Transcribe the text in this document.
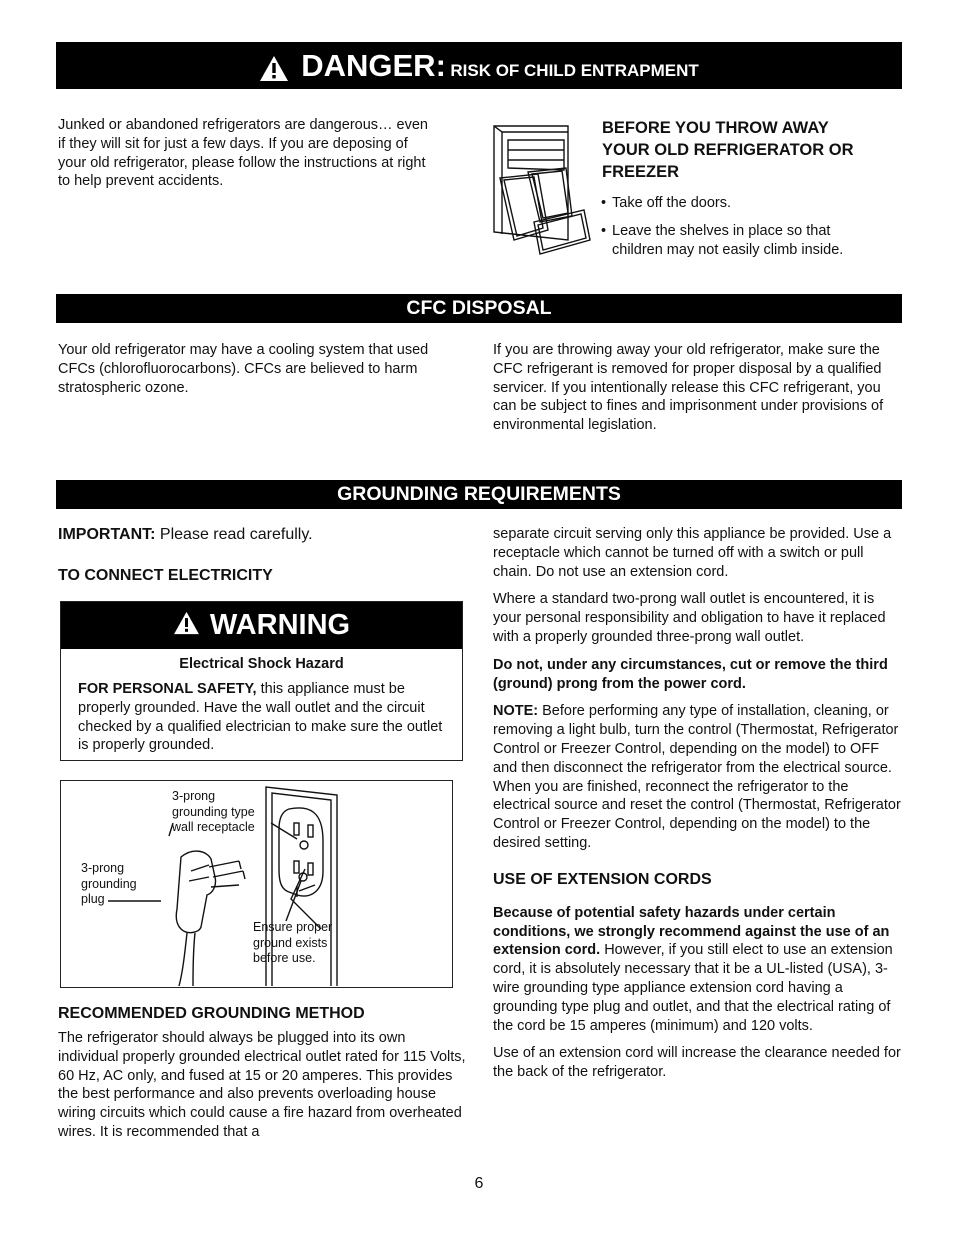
DANGER: RISK OF CHILD ENTRAPMENT
Junked or abandoned refrigerators are dangerous… even if they will sit for just a few days. If you are deposing of your old refrigerator, please follow the instructions at right to help prevent accidents.
BEFORE YOU THROW AWAY YOUR OLD REFRIGERATOR OR FREEZER
• Take off the doors.
• Leave the shelves in place so that children may not easily climb inside.
CFC DISPOSAL
Your old refrigerator may have a cooling system that used CFCs (chlorofluorocarbons). CFCs are believed to harm stratospheric ozone.
If you are throwing away your old refrigerator, make sure the CFC refrigerant is removed for proper disposal by a qualified servicer. If you intentionally release this CFC refrigerant, you can be subject to fines and imprisonment under provisions of environmental legislation.
GROUNDING REQUIREMENTS
IMPORTANT: Please read carefully.
TO CONNECT ELECTRICITY
WARNING
Electrical Shock Hazard
FOR PERSONAL SAFETY, this appliance must be properly grounded. Have the wall outlet and the circuit checked by a qualified electrician to make sure the outlet is properly grounded.
3-prong
grounding type
wall receptacle
3-prong
grounding
plug
Ensure proper
ground exists
before use.
RECOMMENDED GROUNDING METHOD
The refrigerator should always be plugged into its own individual properly grounded electrical outlet rated for 115 Volts, 60 Hz, AC only, and fused at 15 or 20 amperes. This provides the best performance and also prevents overloading house wiring circuits which could cause a fire hazard from overheated wires. It is recommended that a

separate circuit serving only this appliance be provided. Use a receptacle which cannot be turned off with a switch or pull chain. Do not use an extension cord.

Where a standard two-prong wall outlet is encountered, it is your personal responsibility and obligation to have it replaced with a properly grounded three-prong wall outlet.

Do not, under any circumstances, cut or remove the third (ground) prong from the power cord.

NOTE: Before performing any type of installation, cleaning, or removing a light bulb, turn the control (Thermostat, Refrigerator Control or Freezer Control, depending on the model) to OFF and then disconnect the refrigerator from the electrical source. When you are finished, reconnect the refrigerator to the electrical source and reset the control (Thermostat, Refrigerator Control or Freezer Control, depending on the model) to the desired setting.

USE OF EXTENSION CORDS

Because of potential safety hazards under certain conditions, we strongly recommend against the use of an extension cord. However, if you still elect to use an extension cord, it is absolutely necessary that it be a UL-listed (USA), 3-wire grounding type appliance extension cord having a grounding type plug and outlet, and that the electrical rating of the cord be 15 amperes (minimum) and 120 volts.

Use of an extension cord will increase the clearance needed for the back of the refrigerator.

6
